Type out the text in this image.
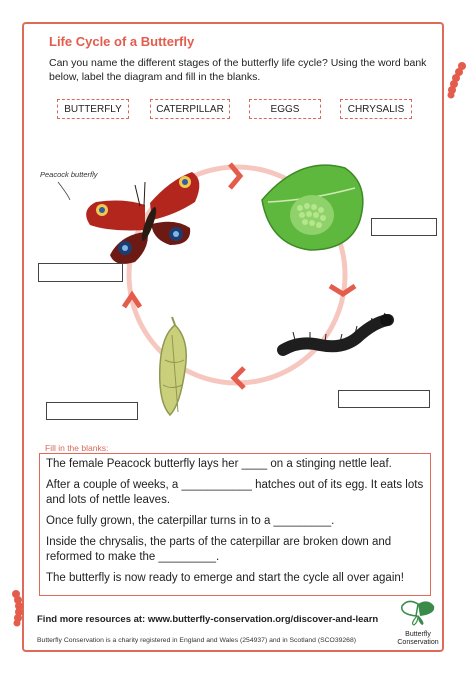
Life Cycle of a Butterfly
Can you name the different stages of the butterfly life cycle? Using the word bank below, label the diagram and fill in the blanks.
BUTTERFLY	CATERPILLAR	EGGS	CHRYSALIS
Peacock butterfly
Fill in the blanks:

The female Peacock butterfly lays her ____ on a stinging nettle leaf.

After a couple of weeks, a ___________ hatches out of its egg. It eats lots and lots of nettle leaves.

Once fully grown, the caterpillar turns in to a _________.

Inside the chrysalis, the parts of the caterpillar are broken down and reformed to make the _________.

The butterfly is now ready to emerge and start the cycle all over again!

Find more resources at: www.butterfly-conservation.org/discover-and-learn
Butterfly Conservation is a charity registered in England and Wales (254937) and in Scotland (SCO39268)
Butterfly Conservation
